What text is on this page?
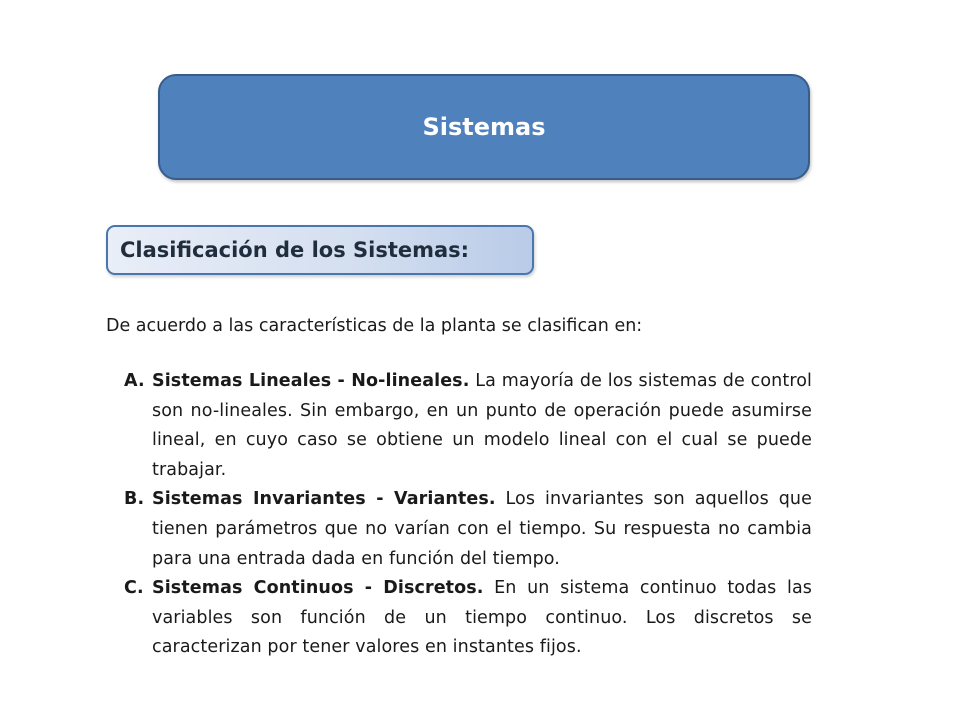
Sistemas
Clasificación de los Sistemas:
De acuerdo a las características de la planta se clasifican en:
A. Sistemas Lineales - No-lineales. La mayoría de los sistemas de control son no-lineales. Sin embargo, en un punto de operación puede asumirse lineal, en cuyo caso se obtiene un modelo lineal con el cual se puede trabajar.
B. Sistemas Invariantes - Variantes. Los invariantes son aquellos que tienen parámetros que no varían con el tiempo. Su respuesta no cambia para una entrada dada en función del tiempo.
C. Sistemas Continuos - Discretos. En un sistema continuo todas las variables son función de un tiempo continuo. Los discretos se caracterizan por tener valores en instantes fijos.
